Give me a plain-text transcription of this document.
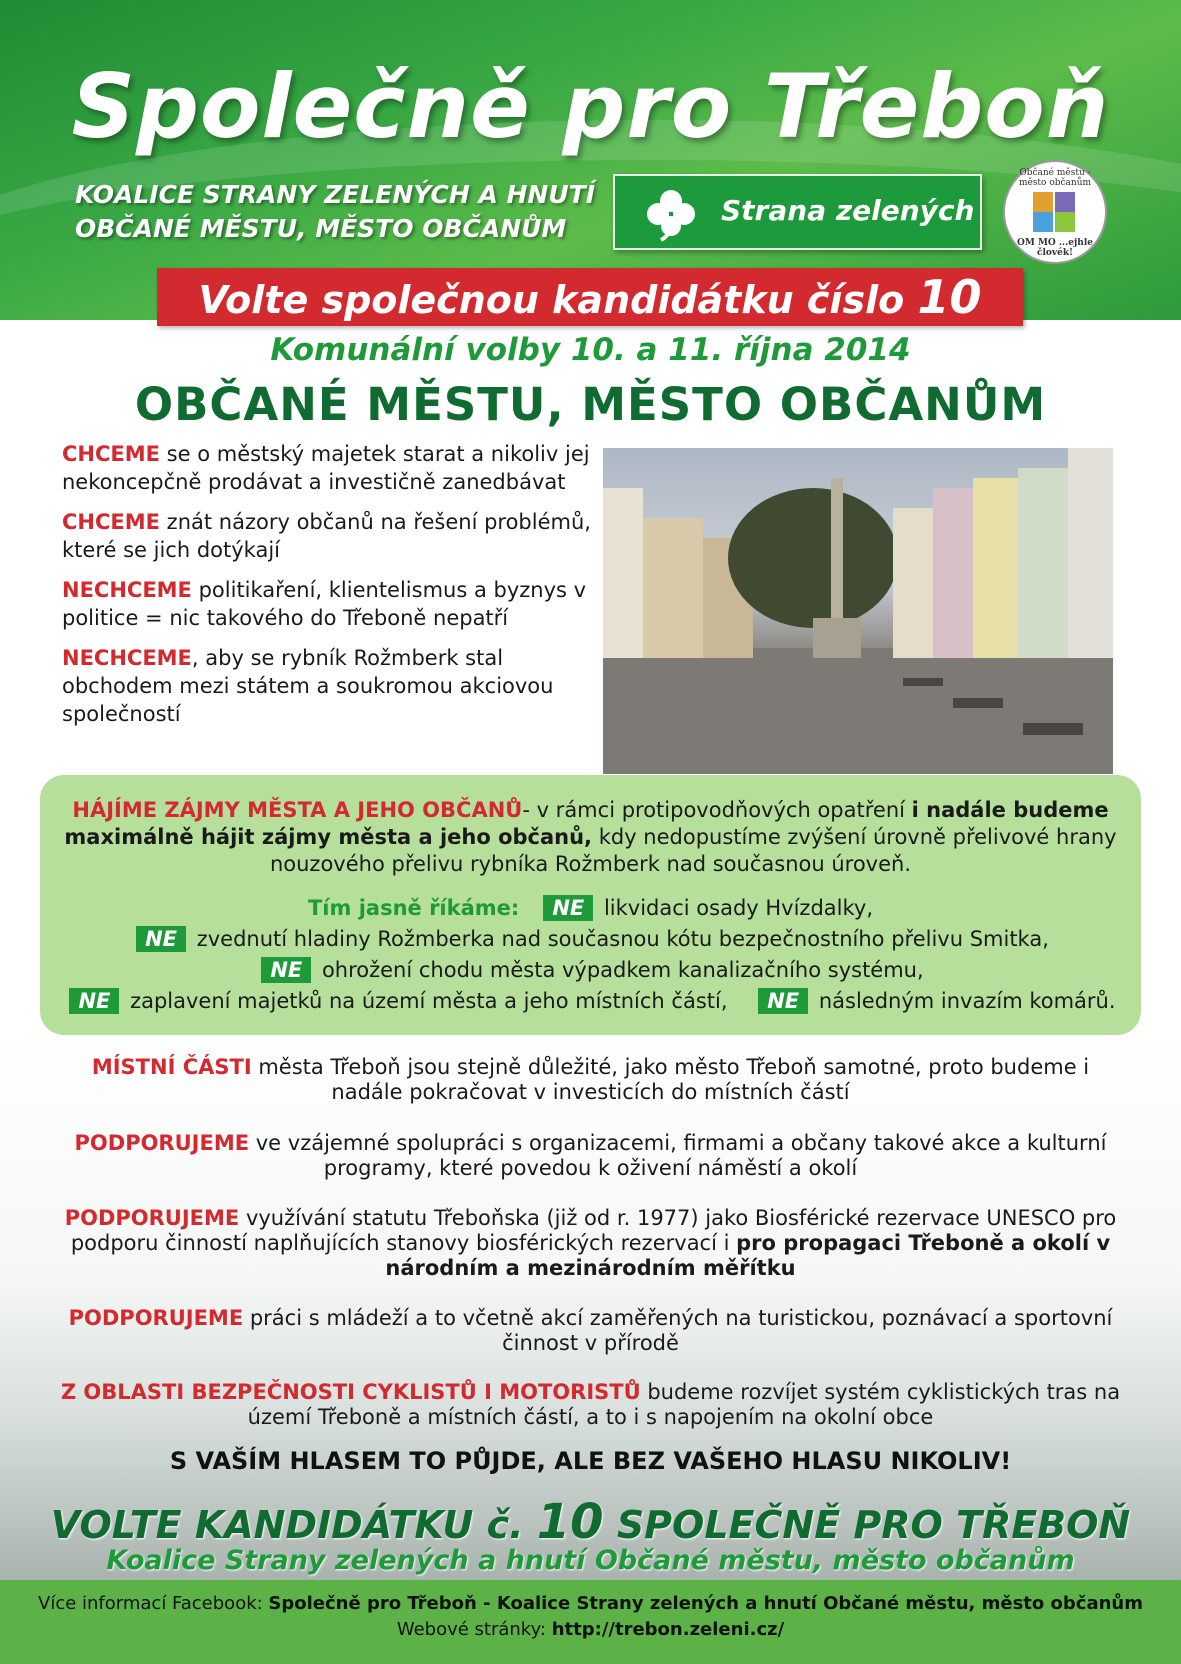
Společně pro Třeboň
KOALICE STRANY ZELENÝCH A HNUTÍ
OBČANÉ MĚSTU, MĚSTO OBČANŮM
Strana zelených
Občané městu - město občanům
OM MO ...ejhle človék!
Volte společnou kandidátku číslo 10
Komunální volby 10. a 11. října 2014
OBČANÉ MĚSTU, MĚSTO OBČANŮM

CHCEME se o městský majetek starat a nikoliv jej nekoncepčně prodávat a investičně zanedbávat

CHCEME znát názory občanů na řešení problémů, které se jich dotýkají

NECHCEME politikaření, klientelismus a byznys v politice = nic takového do Třeboně nepatří

NECHCEME, aby se rybník Rožmberk stal obchodem mezi státem a soukromou akciovou společností

HÁJÍME ZÁJMY MĚSTA A JEHO OBČANŮ- v rámci protipovodňových opatření i nadále budeme maximálně hájit zájmy města a jeho občanů, kdy nedopustíme zvýšení úrovně přelivové hrany nouzového přelivu rybníka Rožmberk nad současnou úroveň.
Tím jasně říkáme: NE likvidaci osady Hvízdalky,
NE zvednutí hladiny Rožmberka nad současnou kótu bezpečnostního přelivu Smitka,
NE ohrožení chodu města výpadkem kanalizačního systému,
NE zaplavení majetků na území města a jeho místních částí, NE následným invazím komárů.
MÍSTNÍ ČÁSTI města Třeboň jsou stejně důležité, jako město Třeboň samotné, proto budeme i nadále pokračovat v investicích do místních částí
PODPORUJEME ve vzájemné spolupráci s organizacemi, firmami a občany takové akce a kulturní programy, které povedou k oživení náměstí a okolí
PODPORUJEME využívání statutu Třeboňska (již od r. 1977) jako Biosférické rezervace UNESCO pro podporu činností naplňujících stanovy biosférických rezervací i pro propagaci Třeboně a okolí v národním a mezinárodním měřítku
PODPORUJEME práci s mládeží a to včetně akcí zaměřených na turistickou, poznávací a sportovní činnost v přírodě
Z OBLASTI BEZPEČNOSTI CYKLISTŮ I MOTORISTŮ budeme rozvíjet systém cyklistických tras na území Třeboně a místních částí, a to i s napojením na okolní obce
S VAŠÍM HLASEM TO PŮJDE, ALE BEZ VAŠEHO HLASU NIKOLIV!
VOLTE KANDIDÁTKU č. 10 SPOLEČNĚ PRO TŘEBOŇ
Koalice Strany zelených a hnutí Občané městu, město občanům
Více informací Facebook: Společně pro Třeboň - Koalice Strany zelených a hnutí Občané městu, město občanům
Webové stránky: http://trebon.zeleni.cz/
